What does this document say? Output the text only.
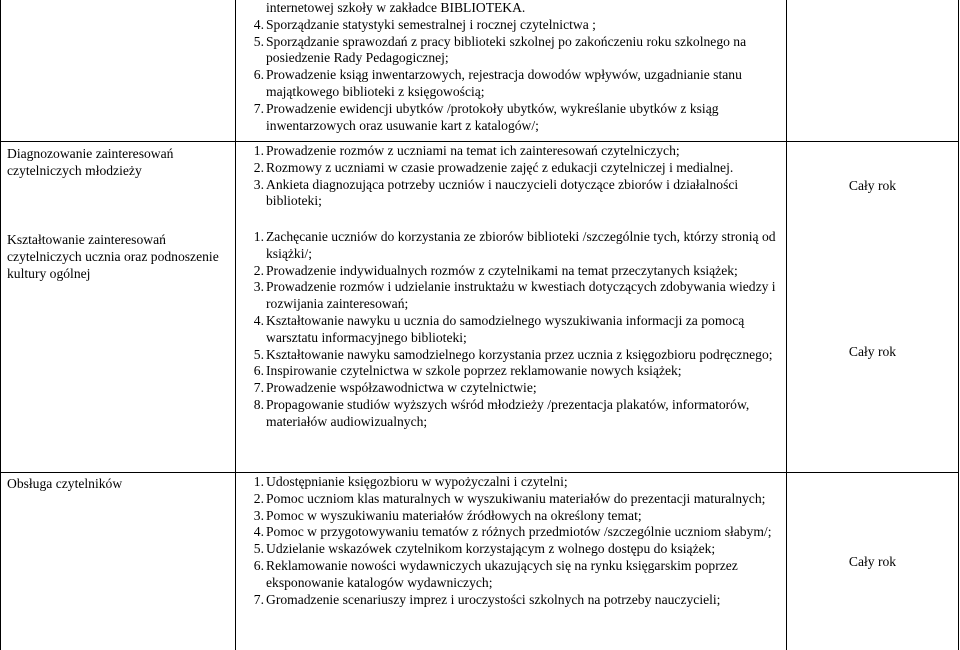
internetowej szkoły w zakładce BIBLIOTEKA.
4. Sporządzanie statystyki semestralnej i rocznej czytelnictwa ;
5. Sporządzanie sprawozdań z pracy biblioteki szkolnej po zakończeniu roku szkolnego na posiedzenie Rady Pedagogicznej;
6. Prowadzenie ksiąg inwentarzowych, rejestracja dowodów wpływów, uzgadnianie stanu majątkowego biblioteki z księgowością;
7. Prowadzenie ewidencji ubytków /protokoły ubytków, wykreślanie ubytków z ksiąg inwentarzowych oraz usuwanie kart z katalogów/;
Diagnozowanie zainteresowań czytelniczych młodzieży
Kształtowanie zainteresowań czytelniczych ucznia oraz podnoszenie kultury ogólnej
1. Prowadzenie rozmów z uczniami na temat ich zainteresowań czytelniczych;
2. Rozmowy z uczniami w czasie prowadzenie zajęć z edukacji czytelniczej i medialnej.
3. Ankieta diagnozująca potrzeby uczniów i nauczycieli dotyczące zbiorów i działalności biblioteki;
1. Zachęcanie uczniów do korzystania ze zbiorów biblioteki /szczególnie tych, którzy stronią od książki/;
2. Prowadzenie indywidualnych rozmów z czytelnikami na temat przeczytanych książek;
3. Prowadzenie rozmów i udzielanie instruktażu w kwestiach dotyczących zdobywania wiedzy i rozwijania zainteresowań;
4. Kształtowanie nawyku u ucznia do samodzielnego wyszukiwania informacji za pomocą warsztatu informacyjnego biblioteki;
5. Kształtowanie nawyku samodzielnego korzystania przez ucznia z księgozbioru podręcznego;
6. Inspirowanie czytelnictwa w szkole poprzez reklamowanie nowych książek;
7. Prowadzenie współzawodnictwa w czytelnictwie;
8. Propagowanie studiów wyższych wśród młodzieży /prezentacja plakatów, informatorów, materiałów audiowizualnych;
Cały rok
Cały rok
Obsługa czytelników	1. Udostępnianie księgozbioru w wypożyczalni i czytelni;
2. Pomoc uczniom klas maturalnych w wyszukiwaniu materiałów do prezentacji maturalnych;
3. Pomoc w wyszukiwaniu materiałów źródłowych na określony temat;
4. Pomoc w przygotowywaniu tematów z różnych przedmiotów /szczególnie uczniom słabym/;
5. Udzielanie wskazówek czytelnikom korzystającym z wolnego dostępu do książek;
6. Reklamowanie nowości wydawniczych ukazujących się na rynku księgarskim poprzez eksponowanie katalogów wydawniczych;
7. Gromadzenie scenariuszy imprez i uroczystości szkolnych na potrzeby nauczycieli;
Cały rok
